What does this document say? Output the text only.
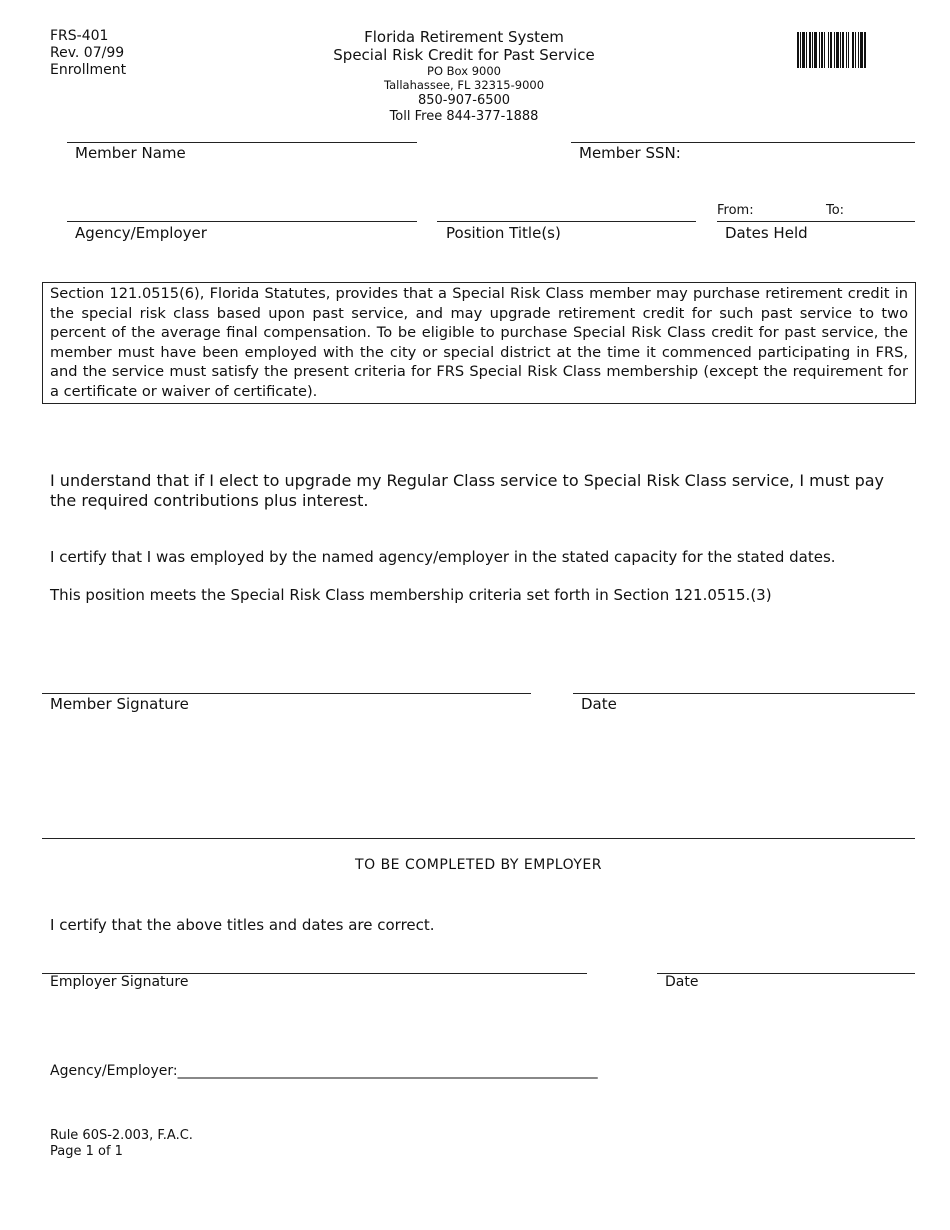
FRS-401
Rev. 07/99
Enrollment
Florida Retirement System
Special Risk Credit for Past Service
PO Box 9000
Tallahassee, FL 32315-9000
850-907-6500
Toll Free 844-377-1888
Member Name	Member SSN:
From:	To:
Agency/Employer	Position Title(s)	Dates Held
Section 121.0515(6), Florida Statutes, provides that a Special Risk Class member may purchase retirement credit in the special risk class based upon past service, and may upgrade retirement credit for such past service to two percent of the average final compensation. To be eligible to purchase Special Risk Class credit for past service, the member must have been employed with the city or special district at the time it commenced participating in FRS, and the service must satisfy the present criteria for FRS Special Risk Class membership (except the requirement for a certificate or waiver of certificate).
I understand that if I elect to upgrade my Regular Class service to Special Risk Class service, I must pay the required contributions plus interest.
I certify that I was employed by the named agency/employer in the stated capacity for the stated dates.
This position meets the Special Risk Class membership criteria set forth in Section 121.0515.(3)
Member Signature	Date
TO BE COMPLETED BY EMPLOYER
I certify that the above titles and dates are correct.
Employer Signature	Date
Agency/Employer:____________________________________________________________
Rule 60S-2.003, F.A.C.
Page 1 of 1
